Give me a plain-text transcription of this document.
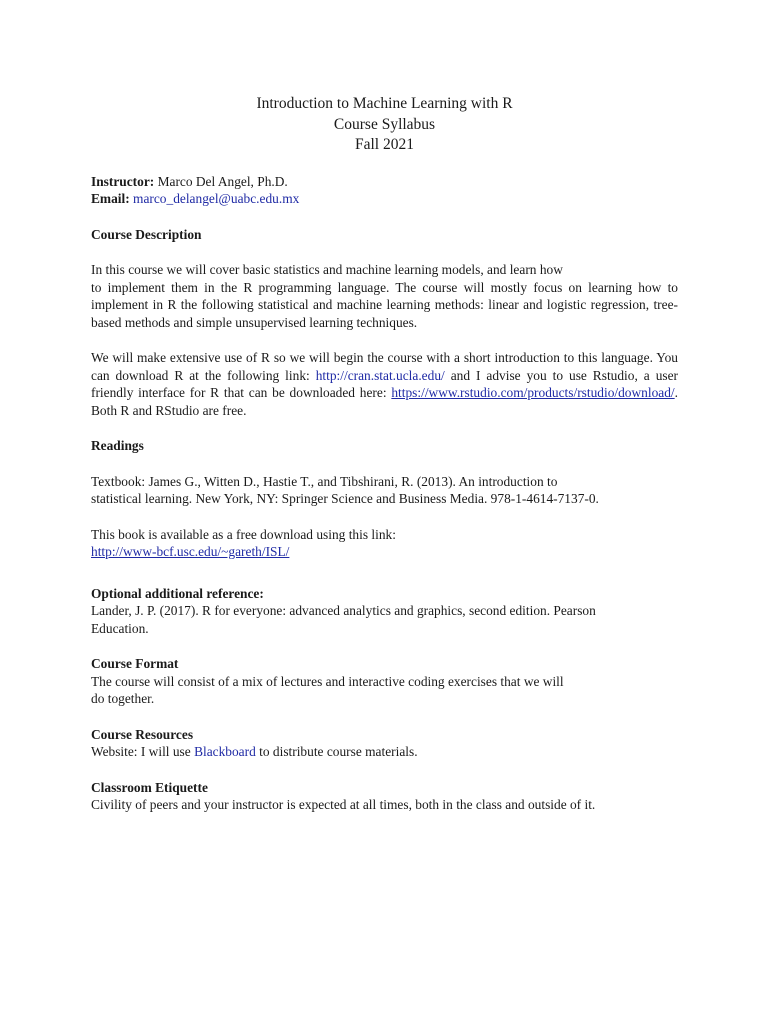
Introduction to Machine Learning with R
Course Syllabus
Fall 2021
Instructor: Marco Del Angel, Ph.D.
Email: marco_delangel@uabc.edu.mx
Course Description
In this course we will cover basic statistics and machine learning models, and learn how

to implement them in the R programming language. The course will mostly focus on learning how to implement in R the following statistical and machine learning methods: linear and logistic regression, tree-based methods and simple unsupervised learning techniques.

We will make extensive use of R so we will begin the course with a short introduction to this language. You can download R at the following link: http://cran.stat.ucla.edu/ and I advise you to use Rstudio, a user friendly interface for R that can be downloaded here: https://www.rstudio.com/products/rstudio/download/. Both R and RStudio are free.

Readings
Textbook: James G., Witten D., Hastie T., and Tibshirani, R. (2013). An introduction to
statistical learning. New York, NY: Springer Science and Business Media. 978-1-4614-7137-0.
This book is available as a free download using this link:
http://www-bcf.usc.edu/~gareth/ISL/
Optional additional reference:
Lander, J. P. (2017). R for everyone: advanced analytics and graphics, second edition. Pearson
Education.
Course Format
The course will consist of a mix of lectures and interactive coding exercises that we will
do together.
Course Resources
Website: I will use Blackboard to distribute course materials.
Classroom Etiquette
Civility of peers and your instructor is expected at all times, both in the class and outside of it.
